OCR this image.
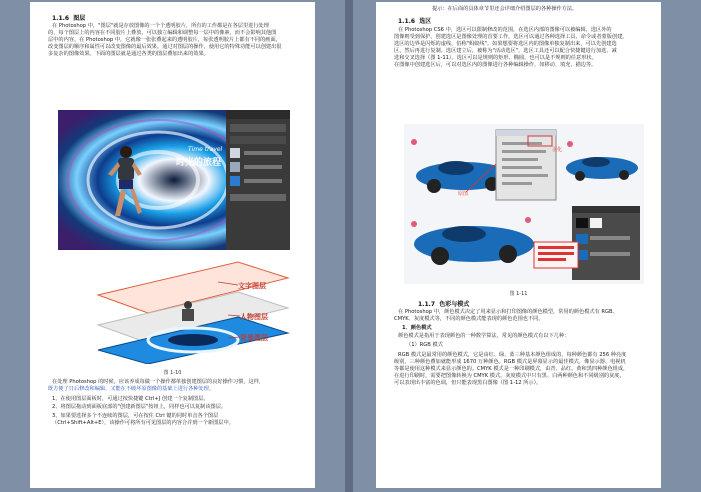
1.1.6 图层
在 Photoshop 中，"图层"就是存放图像的一个个透明胶片，所有的工作都是在各层里进行处理
的，每个图层上的内容在不同胶片上叠放，可以独立编辑和调整每一层中的像素，而不会影响其他图
层中的内容。在 Photoshop 中，它就像一张张叠起来的透明胶片，每张透明胶片上都有不同的画面，
改变图层的顺序和属性可以改变图像的最后效果。通过对图层的操作，使用它的特殊功能可以创建出很
多复杂的图像效果。下面的图层就是通过各类的图层叠加出来的效果。
Time travel
时光的旅程
文字图层
人物图层
背景图层
图 1-10
在处理 Photoshop 的时候，应该养成每做一个操作都单独创建图层的良好操作习惯，这样，
既方便了日后修改和编辑，又能在不破坏原图像的基础上进行各种处理。
1、在使用图层面板时，可通过按快捷键 Ctrl+J 创建一个复制图层。
2、将图层拖动到面板底部的"创建新图层"按钮上，同样也可以复制该图层。
3、如果要选择多个不连续的图层，可在按住 Ctrl 键的同时单击各个图层
（Ctrl+Shift+Alt+E），该操作可将所有可见图层的内容合并到一个新图层中。
提示：在后面的具体章节里还会详细介绍图层的各种操作方法。
1.1.6 选区
在 Photoshop CS6 中，选区可以限制修改的范围，在选区内部的图像可以被编辑，选区外的
图像则受到保护。创建选区是图像处理的首要工作，选区可以通过各种选择工具、命令或者蒙版创建。
选区的边界是闪烁的虚线，俗称"蚂蚁线"。如果想要将选区内的图像单独复制出来，可以先创建选
区，然后再进行复制。选区建立后，被称为"活动选区"，选区工具还可以配合快捷键进行加选、减
选和交叉选择（图 1-11）。选区可以是规则的矩形、椭圆，也可以是不规则的任意形状。
在图像中创建选区后，可以对选区内的图像进行各种编辑操作，如移动、填充、描边等。
原图
羽化
图 1-11
1.1.7 色彩与模式
在 Photoshop 中，颜色模式决定了用来显示和打印图像的颜色模型，常用的颜色模式有 RGB、
CMYK、灰度模式等，不同的颜色模式能表现的颜色范围也不同。
1．颜色模式
颜色模式是指用于表现颜色的一种数学算法，常见的颜色模式有以下几种：
（1）RGB 模式
RGB 模式是最常用的颜色模式，它是由红、绿、蓝三种基本颜色组成的，每种颜色都有 256 种亮度
级别，三种颜色叠加就能形成 1670 万种颜色。RGB 模式是屏幕显示的最佳模式，像显示器、电视机
等都是使用这种模式来显示颜色的。CMYK 模式是一种印刷模式，由青、品红、黄和黑四种颜色组成，
在进行印刷时，需要把图像转换为 CMYK 模式。灰度模式中只有黑、白两种颜色和不同级别的灰度，
可以表现出丰富的色调，但只能表现黑白图像（图 1-12 所示）。
